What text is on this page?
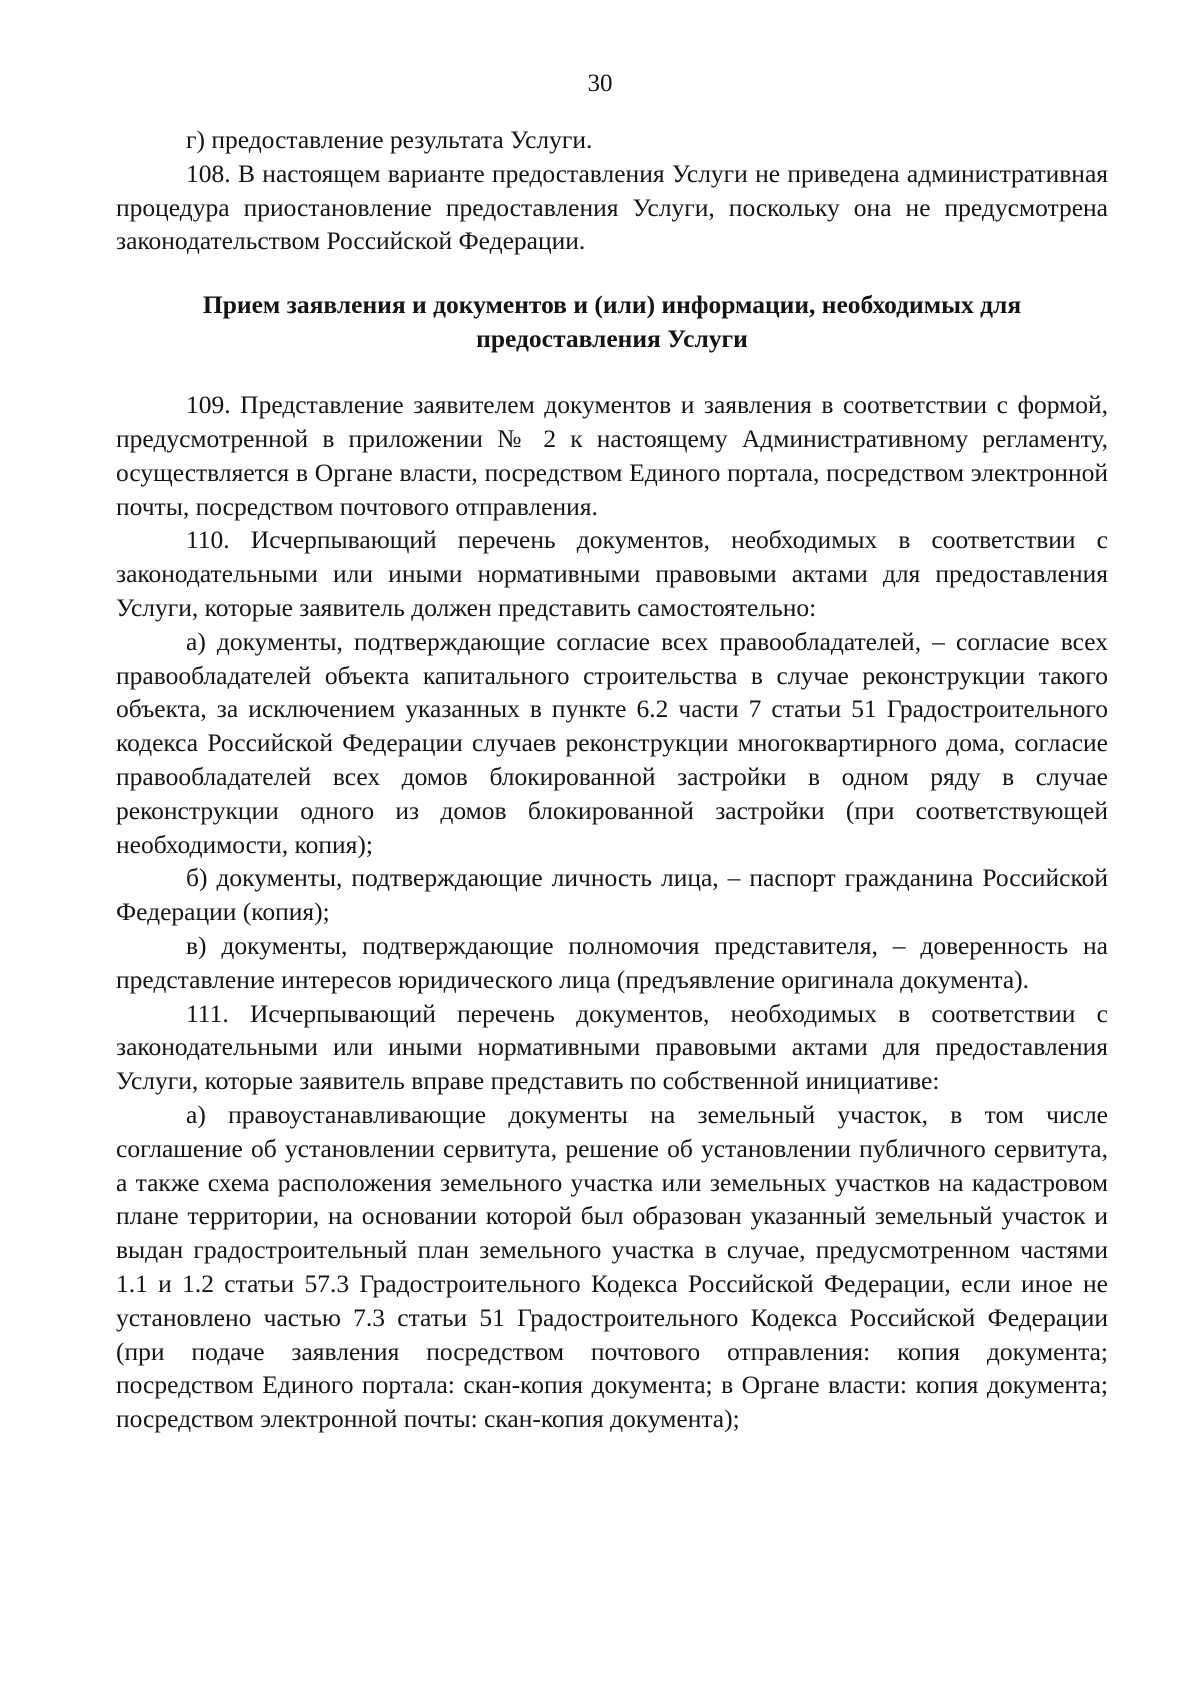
30

г) предоставление результата Услуги.

108. В настоящем варианте предоставления Услуги не приведена административная процедура приостановление предоставления Услуги, поскольку она не предусмотрена законодательством Российской Федерации.

Прием заявления и документов и (или) информации, необходимых для предоставления Услуги

109. Представление заявителем документов и заявления в соответствии с формой, предусмотренной в приложении № 2 к настоящему Административному регламенту, осуществляется в Органе власти, посредством Единого портала, посредством электронной почты, посредством почтового отправления.

110. Исчерпывающий перечень документов, необходимых в соответствии с законодательными или иными нормативными правовыми актами для предоставления Услуги, которые заявитель должен представить самостоятельно:

а) документы, подтверждающие согласие всех правообладателей, – согласие всех правообладателей объекта капитального строительства в случае реконструкции такого объекта, за исключением указанных в пункте 6.2 части 7 статьи 51 Градостроительного кодекса Российской Федерации случаев реконструкции многоквартирного дома, согласие правообладателей всех домов блокированной застройки в одном ряду в случае реконструкции одного из домов блокированной застройки (при соответствующей необходимости, копия);

б) документы, подтверждающие личность лица, – паспорт гражданина Российской Федерации (копия);

в) документы, подтверждающие полномочия представителя, – доверенность на представление интересов юридического лица (предъявление оригинала документа).

111. Исчерпывающий перечень документов, необходимых в соответствии с законодательными или иными нормативными правовыми актами для предоставления Услуги, которые заявитель вправе представить по собственной инициативе:

а) правоустанавливающие документы на земельный участок, в том числе соглашение об установлении сервитута, решение об установлении публичного сервитута, а также схема расположения земельного участка или земельных участков на кадастровом плане территории, на основании которой был образован указанный земельный участок и выдан градостроительный план земельного участка в случае, предусмотренном частями 1.1 и 1.2 статьи 57.3 Градостроительного Кодекса Российской Федерации, если иное не установлено частью 7.3 статьи 51 Градостроительного Кодекса Российской Федерации (при подаче заявления посредством почтового отправления: копия документа; посредством Единого портала: скан-копия документа; в Органе власти: копия документа; посредством электронной почты: скан-копия документа);
